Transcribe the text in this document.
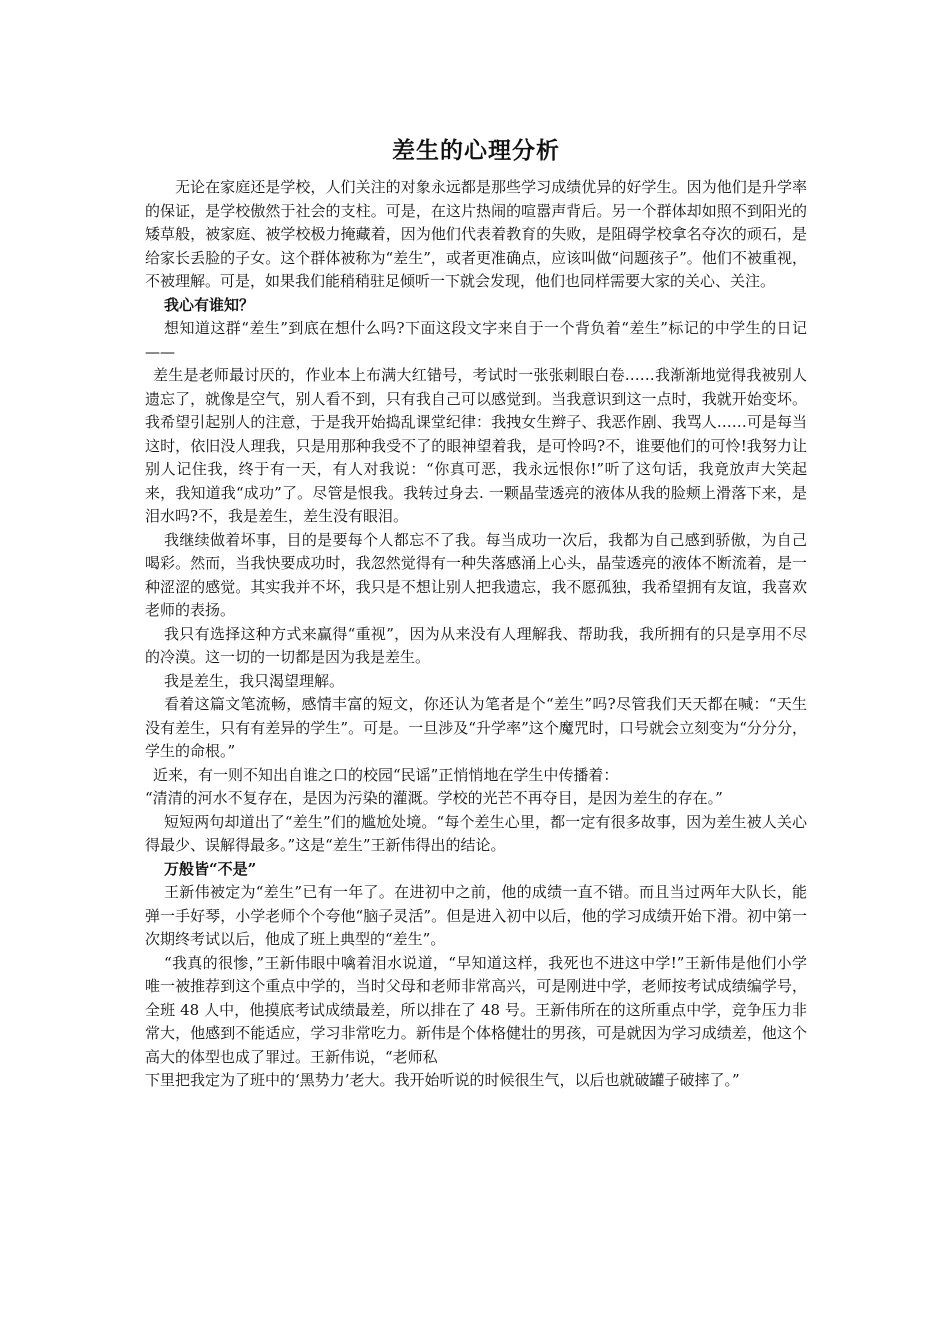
差生的心理分析

无论在家庭还是学校，人们关注的对象永远都是那些学习成绩优异的好学生。因为他们是升学率的保证，是学校傲然于社会的支柱。可是，在这片热闹的喧嚣声背后。另一个群体却如照不到阳光的矮草般，被家庭、被学校极力掩藏着，因为他们代表着教育的失败，是阻碍学校拿名夺次的顽石，是给家长丢脸的子女。这个群体被称为“差生”，或者更准确点，应该叫做“问题孩子”。他们不被重视，不被理解。可是，如果我们能稍稍驻足倾听一下就会发现，他们也同样需要大家的关心、关注。

我心有谁知？

想知道这群“差生”到底在想什么吗?下面这段文字来自于一个背负着“差生”标记的中学生的日记——

差生是老师最讨厌的，作业本上布满大红错号，考试时一张张刺眼白卷……我渐渐地觉得我被别人遗忘了，就像是空气，别人看不到，只有我自己可以感觉到。当我意识到这一点时，我就开始变坏。我希望引起别人的注意，于是我开始捣乱课堂纪律：我拽女生辫子、我恶作剧、我骂人……可是每当这时，依旧没人理我，只是用那种我受不了的眼神望着我，是可怜吗?不，谁要他们的可怜!我努力让别人记住我，终于有一天，有人对我说：“你真可恶，我永远恨你!”听了这句话，我竟放声大笑起来，我知道我“成功”了。尽管是恨我。我转过身去. 一颗晶莹透亮的液体从我的脸颊上滑落下来，是泪水吗?不，我是差生，差生没有眼泪。

我继续做着坏事，目的是要每个人都忘不了我。每当成功一次后，我都为自己感到骄傲，为自己喝彩。然而，当我快要成功时，我忽然觉得有一种失落感涌上心头，晶莹透亮的液体不断流着，是一种涩涩的感觉。其实我并不坏，我只是不想让别人把我遗忘，我不愿孤独，我希望拥有友谊，我喜欢老师的表扬。

我只有选择这种方式来赢得“重视”，因为从来没有人理解我、帮助我，我所拥有的只是享用不尽的冷漠。这一切的一切都是因为我是差生。

我是差生，我只渴望理解。

看着这篇文笔流畅，感情丰富的短文，你还认为笔者是个“差生”吗?尽管我们天天都在喊：“天生没有差生，只有有差异的学生”。可是。一旦涉及“升学率”这个魔咒时，口号就会立刻变为“分分分，学生的命根。”

近来，有一则不知出自谁之口的校园“民谣”正悄悄地在学生中传播着：

“清清的河水不复存在，是因为污染的灌溉。学校的光芒不再夺目，是因为差生的存在。”

短短两句却道出了“差生”们的尴尬处境。“每个差生心里，都一定有很多故事，因为差生被人关心得最少、误解得最多。”这是“差生”王新伟得出的结论。

万般皆“不是”

王新伟被定为“差生”已有一年了。在进初中之前，他的成绩一直不错。而且当过两年大队长，能弹一手好琴，小学老师个个夸他“脑子灵活”。但是进入初中以后，他的学习成绩开始下滑。初中第一次期终考试以后，他成了班上典型的“差生”。

“我真的很惨，”王新伟眼中噙着泪水说道，“早知道这样，我死也不进这中学!”王新伟是他们小学唯一被推荐到这个重点中学的，当时父母和老师非常高兴，可是刚进中学，老师按考试成绩编学号，全班 48 人中，他摸底考试成绩最差，所以排在了 48 号。王新伟所在的这所重点中学，竞争压力非常大，他感到不能适应，学习非常吃力。新伟是个体格健壮的男孩，可是就因为学习成绩差，他这个高大的体型也成了罪过。王新伟说，“老师私

下里把我定为了班中的‘黑势力’老大。我开始听说的时候很生气，以后也就破罐子破摔了。”
